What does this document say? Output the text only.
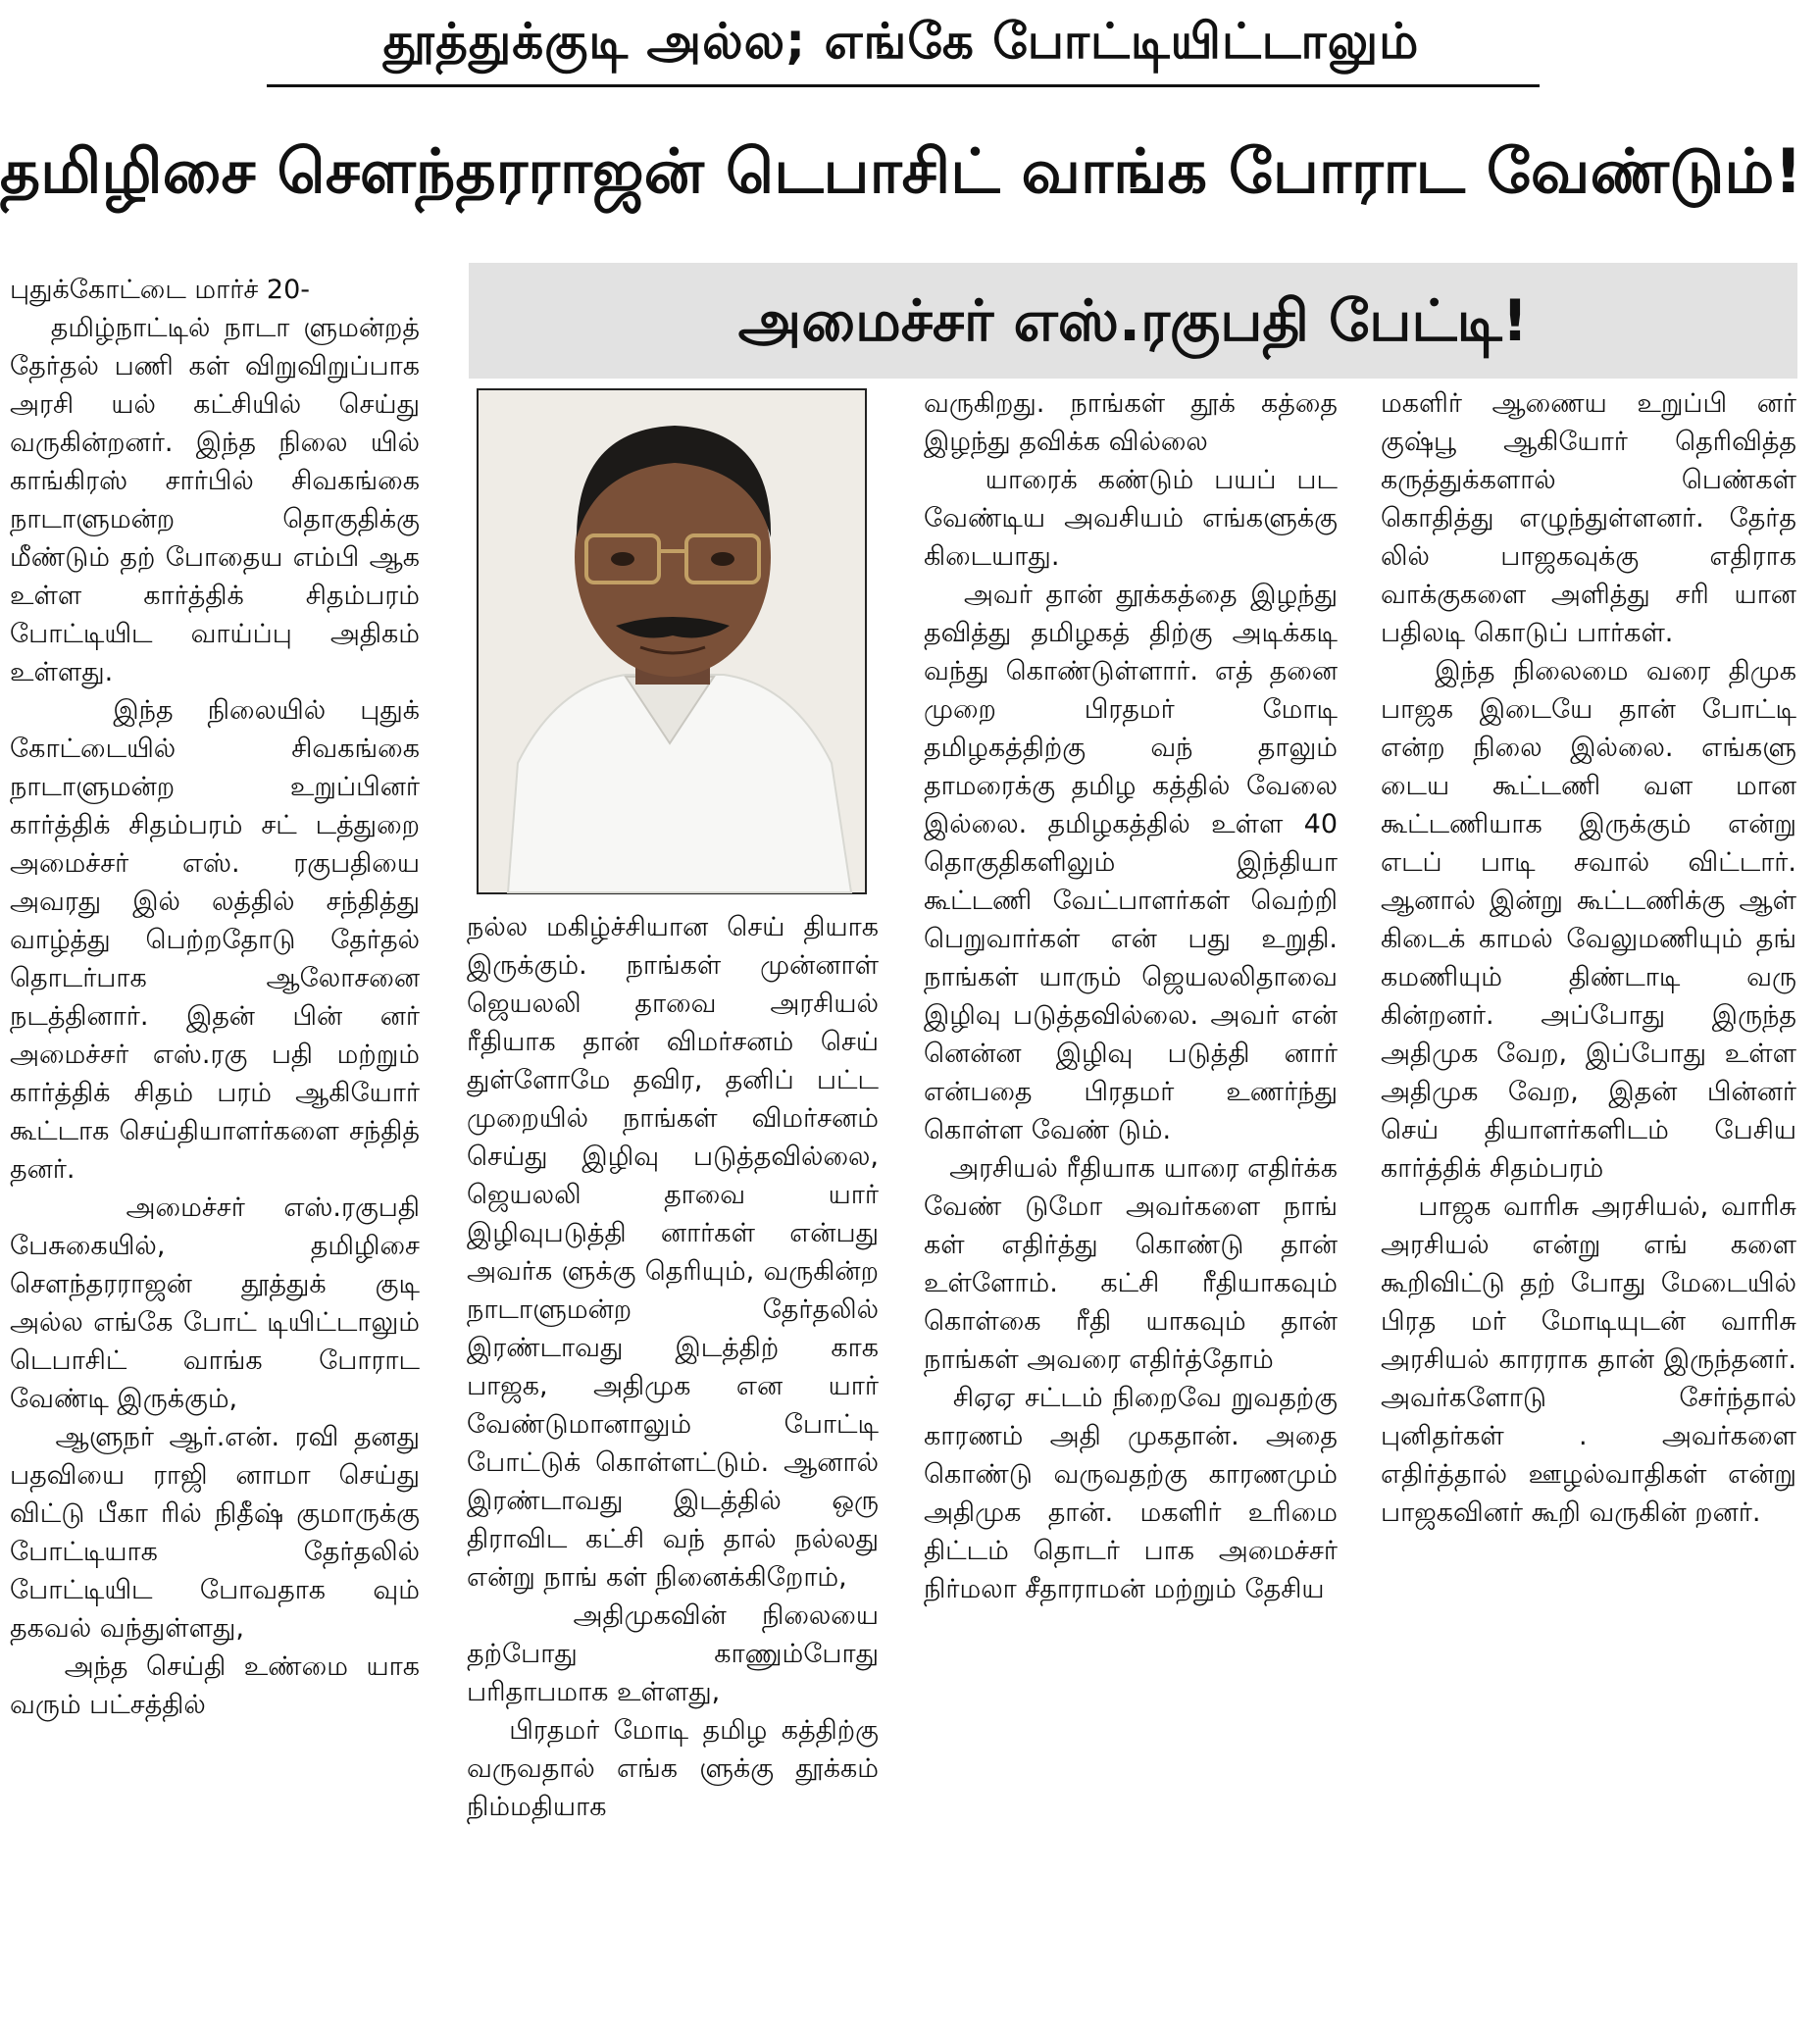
தூத்துக்குடி அல்ல; எங்கே போட்டியிட்டாலும்
தமிழிசை சௌந்தரராஜன் டெபாசிட் வாங்க போராட வேண்டும்!
அமைச்சர் எஸ்.ரகுபதி பேட்டி!
புதுக்கோட்டை மார்ச் 20-
தமிழ்நாட்டில் நாடா ளுமன்றத் தேர்தல் பணி கள் விறுவிறுப்பாக அரசி யல் கட்சியில் செய்து வருகின்றனர். இந்த நிலை யில் காங்கிரஸ் சார்பில் சிவகங்கை நாடாளுமன்ற தொகுதிக்கு மீண்டும் தற் போதைய எம்பி ஆக உள்ள கார்த்திக் சிதம்பரம் போட்டியிட வாய்ப்பு அதிகம் உள்ளது.
இந்த நிலையில் புதுக் கோட்டையில் சிவகங்கை நாடாளுமன்ற உறுப்பினர் கார்த்திக் சிதம்பரம் சட் டத்துறை அமைச்சர் எஸ். ரகுபதியை அவரது இல் லத்தில் சந்தித்து வாழ்த்து பெற்றதோடு தேர்தல் தொடர்பாக ஆலோசனை நடத்தினார். இதன் பின் னர் அமைச்சர் எஸ்.ரகு பதி மற்றும் கார்த்திக் சிதம் பரம் ஆகியோர் கூட்டாக செய்தியாளர்களை சந்தித் தனர்.
அமைச்சர் எஸ்.ரகுபதி பேசுகையில், தமிழிசை சௌந்தரராஜன் தூத்துக் குடி அல்ல எங்கே போட் டியிட்டாலும் டெபாசிட் வாங்க போராட வேண்டி இருக்கும்,
ஆளுநர் ஆர்.என். ரவி தனது பதவியை ராஜி னாமா செய்து விட்டு பீகா ரில் நிதீஷ் குமாருக்கு போட்டியாக தேர்தலில் போட்டியிட போவதாக வும் தகவல் வந்துள்ளது,
அந்த செய்தி உண்மை யாக வரும் பட்சத்தில்
நல்ல மகிழ்ச்சியான செய் தியாக இருக்கும். நாங்கள் முன்னாள் ஜெயலலி தாவை அரசியல் ரீதியாக தான் விமர்சனம் செய் துள்ளோமே தவிர, தனிப் பட்ட முறையில் நாங்கள் விமர்சனம் செய்து இழிவு படுத்தவில்லை, ஜெயலலி தாவை யார் இழிவுபடுத்தி னார்கள் என்பது அவர்க ளுக்கு தெரியும், வருகின்ற நாடாளுமன்ற தேர்தலில் இரண்டாவது இடத்திற் காக பாஜக, அதிமுக என யார் வேண்டுமானாலும் போட்டி போட்டுக் கொள்ளட்டும். ஆனால் இரண்டாவது இடத்தில் ஒரு திராவிட கட்சி வந் தால் நல்லது என்று நாங் கள் நினைக்கிறோம்,
அதிமுகவின் நிலையை தற்போது காணும்போது பரிதாபமாக உள்ளது,
பிரதமர் மோடி தமிழ கத்திற்கு வருவதால் எங்க ளுக்கு தூக்கம் நிம்மதியாக
வருகிறது. நாங்கள் தூக் கத்தை இழந்து தவிக்க வில்லை
யாரைக் கண்டும் பயப் பட வேண்டிய அவசியம் எங்களுக்கு கிடையாது.
அவர் தான் தூக்கத்தை இழந்து தவித்து தமிழகத் திற்கு அடிக்கடி வந்து கொண்டுள்ளார். எத் தனை முறை பிரதமர் மோடி தமிழகத்திற்கு வந் தாலும் தாமரைக்கு தமிழ கத்தில் வேலை இல்லை. தமிழகத்தில் உள்ள 40 தொகுதிகளிலும் இந்தியா கூட்டணி வேட்பாளர்கள் வெற்றி பெறுவார்கள் என் பது உறுதி. நாங்கள் யாரும் ஜெயலலிதாவை இழிவு படுத்தவில்லை. அவர் என் னென்ன இழிவு படுத்தி னார் என்பதை பிரதமர் உணர்ந்து கொள்ள வேண் டும்.
அரசியல் ரீதியாக யாரை எதிர்க்க வேண் டுமோ அவர்களை நாங் கள் எதிர்த்து கொண்டு தான் உள்ளோம். கட்சி ரீதியாகவும் கொள்கை ரீதி யாகவும் தான் நாங்கள் அவரை எதிர்த்தோம்
சிஏஏ சட்டம் நிறைவே றுவதற்கு காரணம் அதி முகதான். அதை கொண்டு வருவதற்கு காரணமும் அதிமுக தான். மகளிர் உரிமை திட்டம் தொடர் பாக அமைச்சர் நிர்மலா சீதாராமன் மற்றும் தேசிய
மகளிர் ஆணைய உறுப்பி னர் குஷ்பூ ஆகியோர் தெரிவித்த கருத்துக்களால் பெண்கள் கொதித்து எழுந்துள்ளனர். தேர்த லில் பாஜகவுக்கு எதிராக வாக்குகளை அளித்து சரி யான பதிலடி கொடுப் பார்கள்.
இந்த நிலைமை வரை திமுக பாஜக இடையே தான் போட்டி என்ற நிலை இல்லை. எங்களு டைய கூட்டணி வள மான கூட்டணியாக இருக்கும் என்று எடப் பாடி சவால் விட்டார். ஆனால் இன்று கூட்டணிக்கு ஆள் கிடைக் காமல் வேலுமணியும் தங் கமணியும் திண்டாடி வரு கின்றனர். அப்போது இருந்த அதிமுக வேற, இப்போது உள்ள அதிமுக வேற, இதன் பின்னர் செய் தியாளர்களிடம் பேசிய கார்த்திக் சிதம்பரம்
பாஜக வாரிசு அரசியல், வாரிசு அரசியல் என்று எங் களை கூறிவிட்டு தற் போது மேடையில் பிரத மர் மோடியுடன் வாரிசு அரசியல் காரராக தான் இருந்தனர். அவர்களோடு சேர்ந்தால் புனிதர்கள் . அவர்களை எதிர்த்தால் ஊழல்வாதிகள் என்று பாஜகவினர் கூறி வருகின் றனர்.
